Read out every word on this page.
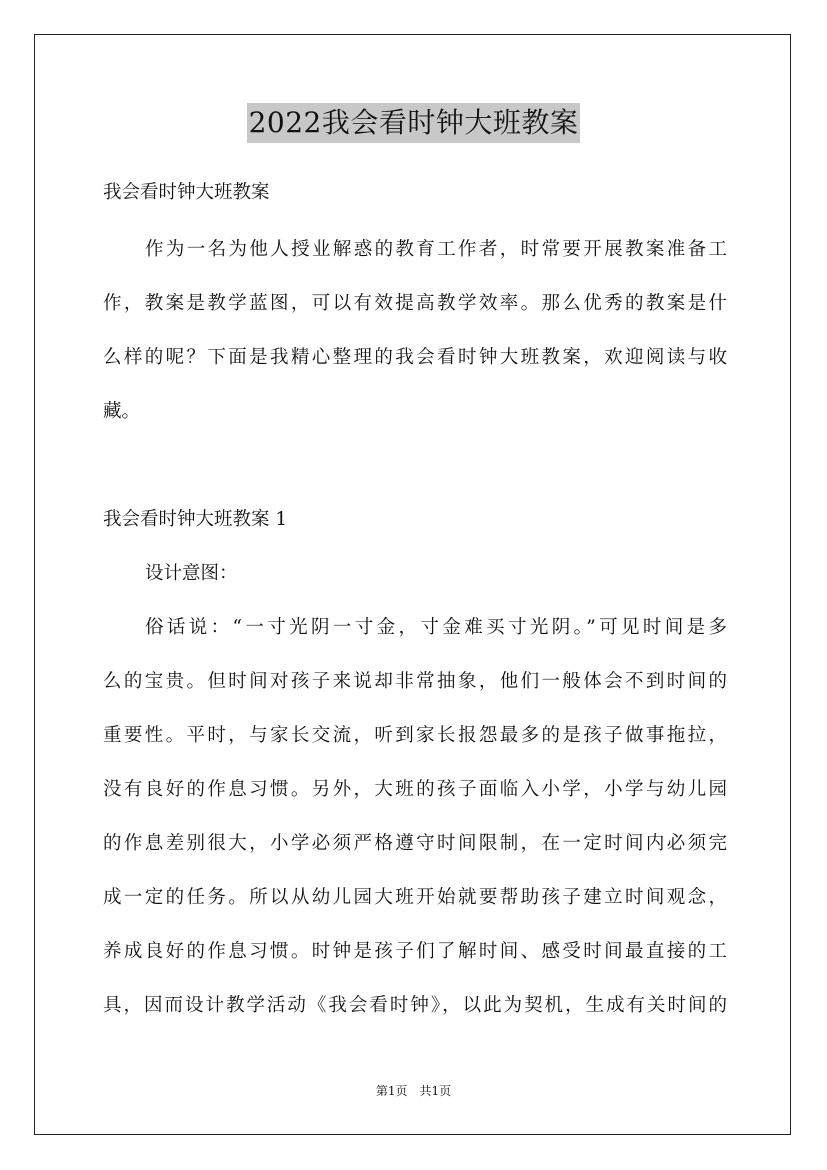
2022我会看时钟大班教案
我会看时钟大班教案
作为一名为他人授业解惑的教育工作者，时常要开展教案准备工
作，教案是教学蓝图，可以有效提高教学效率。那么优秀的教案是什
么样的呢？下面是我精心整理的我会看时钟大班教案，欢迎阅读与收
藏。
我会看时钟大班教案 1
设计意图：
俗话说：“一寸光阴一寸金，寸金难买寸光阴。”可见时间是多
么的宝贵。但时间对孩子来说却非常抽象，他们一般体会不到时间的
重要性。平时，与家长交流，听到家长报怨最多的是孩子做事拖拉，
没有良好的作息习惯。另外，大班的孩子面临入小学，小学与幼儿园
的作息差别很大，小学必须严格遵守时间限制，在一定时间内必须完
成一定的任务。所以从幼儿园大班开始就要帮助孩子建立时间观念，
养成良好的作息习惯。时钟是孩子们了解时间、感受时间最直接的工
具，因而设计教学活动《我会看时钟》，以此为契机，生成有关时间的
第1页 共1页
